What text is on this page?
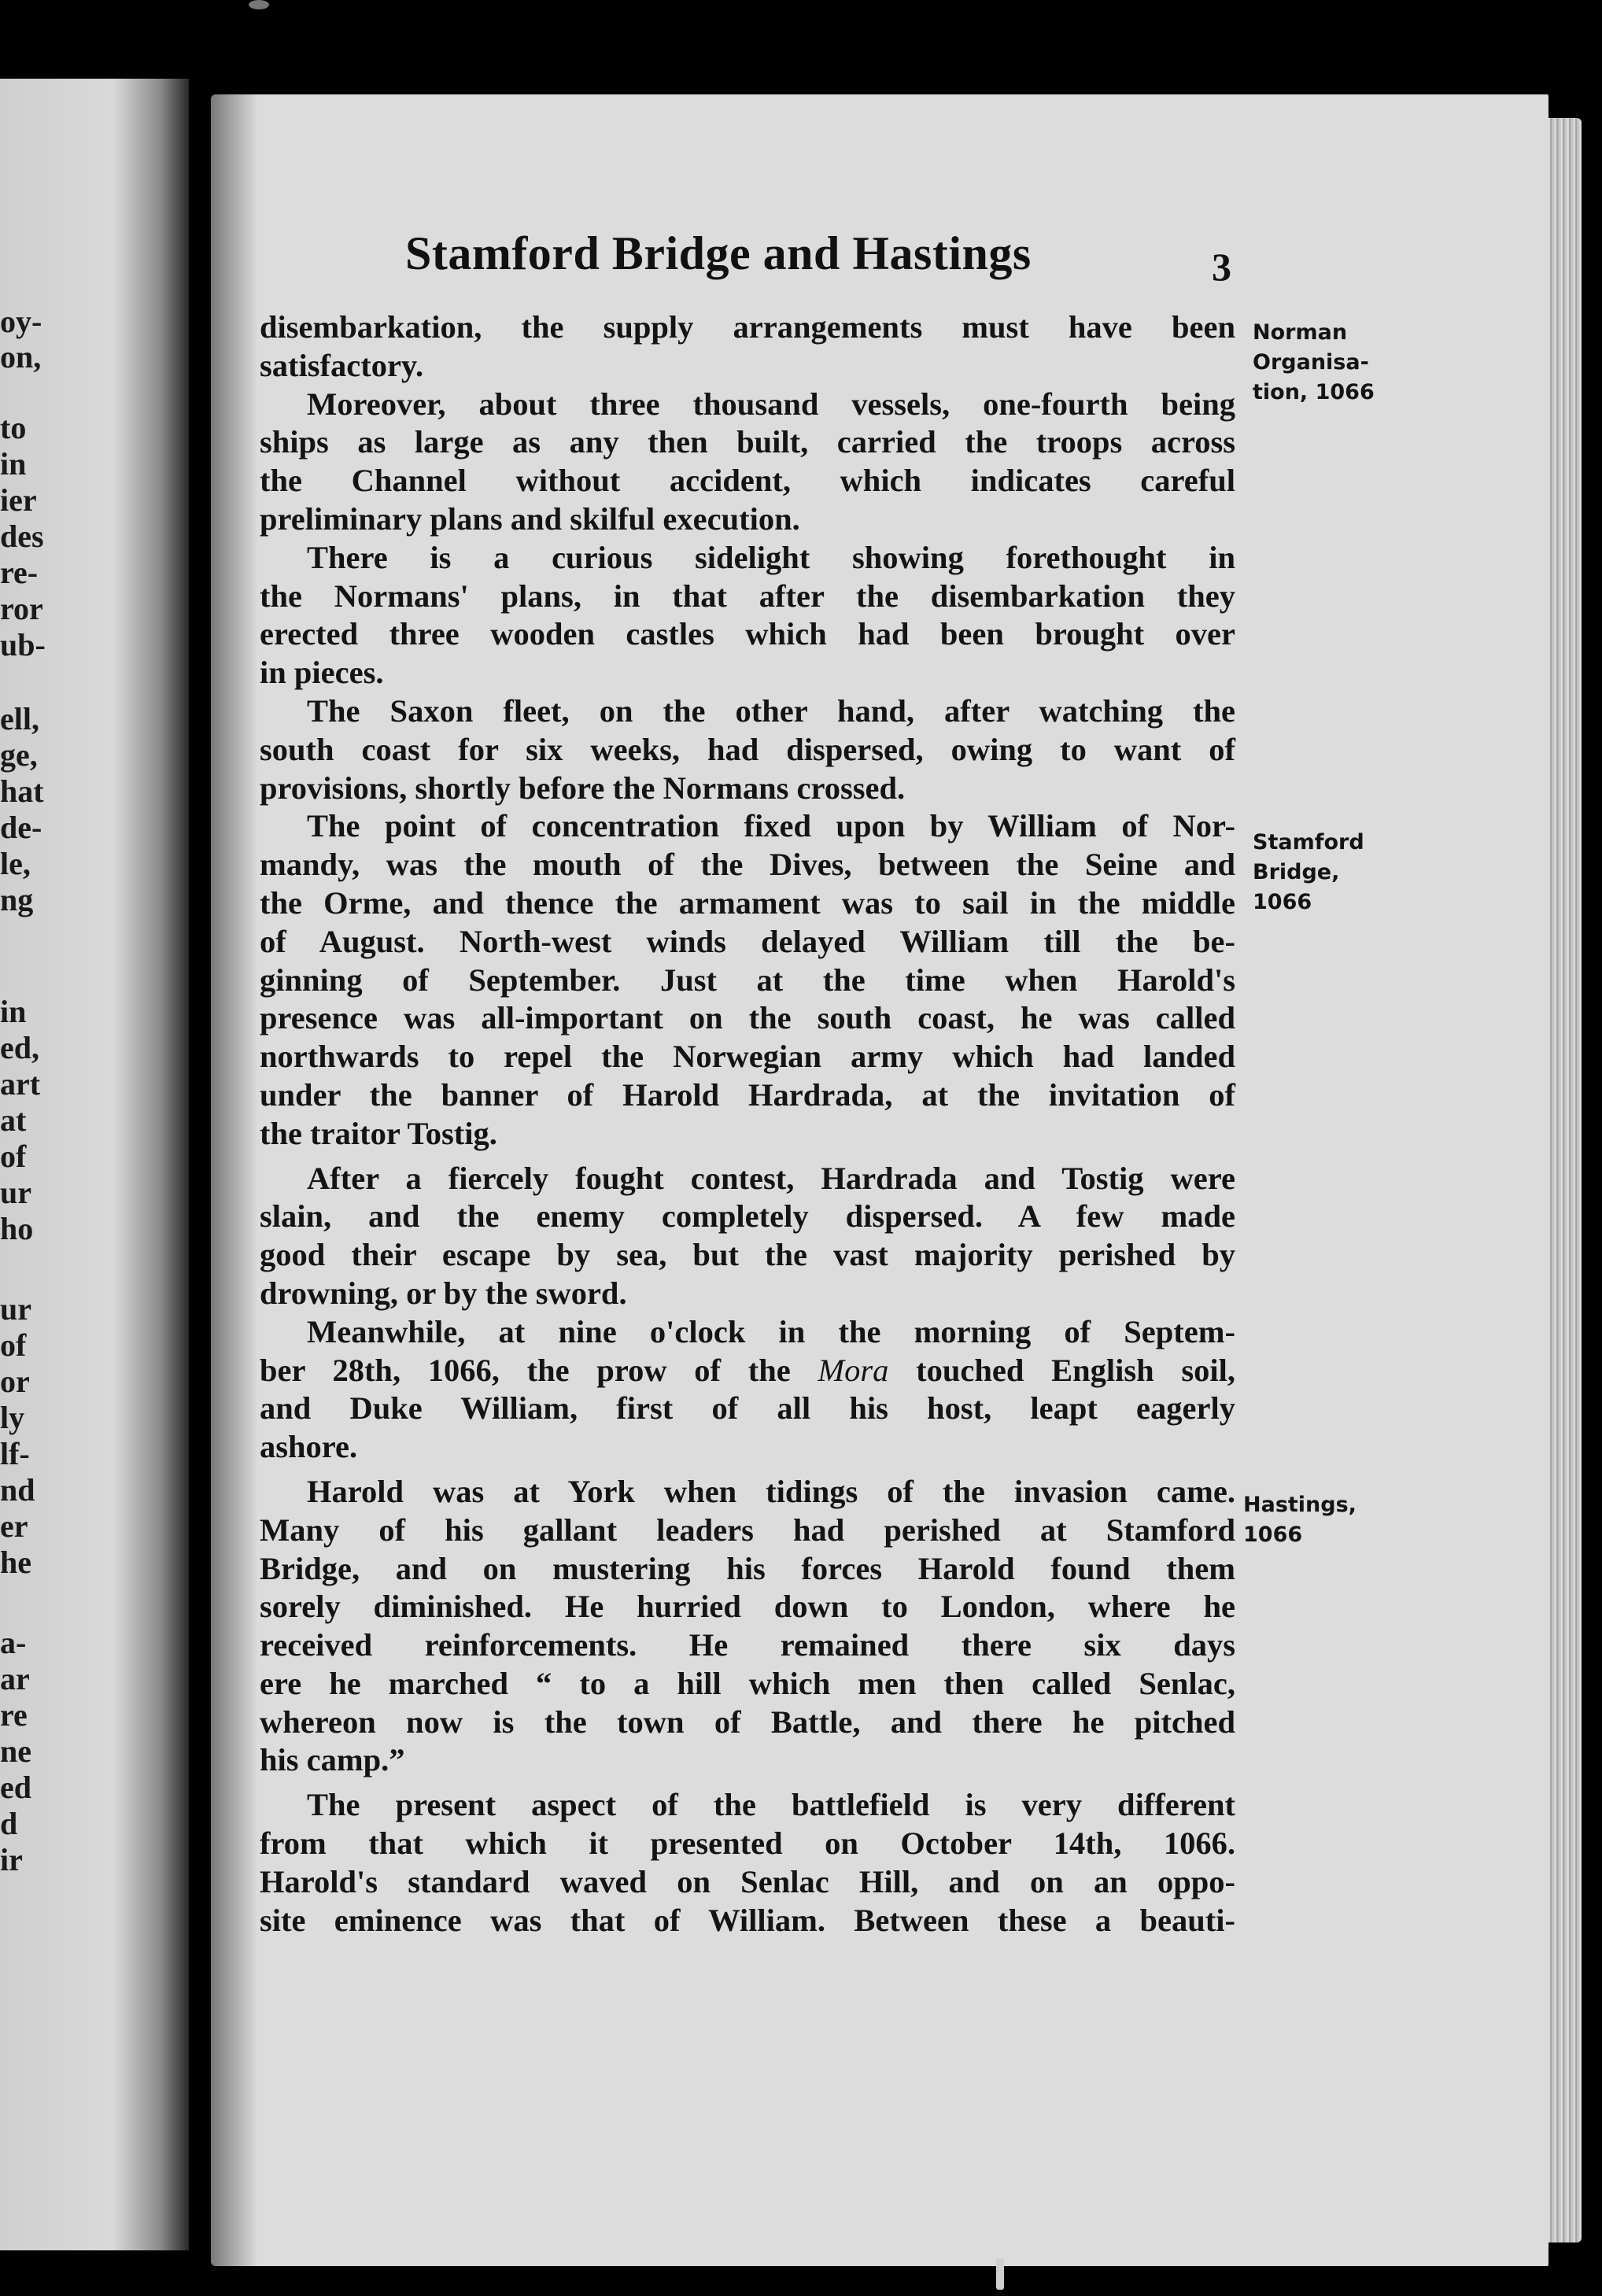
oy-
on,
to
in
ier
des
re-
ror
ub-
ell,
ge,
hat
de-
le,
ng
in
ed,
art
at
of
ur
ho
ur
of
or
ly
lf-
nd
er
he
a-
ar
re
ne
ed
d
ir
Stamford Bridge and Hastings	3
disembarkation, the supply arrangements must have been
satisfactory.
Moreover, about three thousand vessels, one-fourth being
ships as large as any then built, carried the troops across
the Channel without accident, which indicates careful
preliminary plans and skilful execution.
There is a curious sidelight showing forethought in
the Normans' plans, in that after the disembarkation they
erected three wooden castles which had been brought over
in pieces.
The Saxon fleet, on the other hand, after watching the
south coast for six weeks, had dispersed, owing to want of
provisions, shortly before the Normans crossed.
The point of concentration fixed upon by William of Nor-
mandy, was the mouth of the Dives, between the Seine and
the Orme, and thence the armament was to sail in the middle
of August. North-west winds delayed William till the be-
ginning of September. Just at the time when Harold's
presence was all-important on the south coast, he was called
northwards to repel the Norwegian army which had landed
under the banner of Harold Hardrada, at the invitation of
the traitor Tostig.
After a fiercely fought contest, Hardrada and Tostig were
slain, and the enemy completely dispersed. A few made
good their escape by sea, but the vast majority perished by
drowning, or by the sword.
Meanwhile, at nine o'clock in the morning of Septem-
ber 28th, 1066, the prow of the Mora touched English soil,
and Duke William, first of all his host, leapt eagerly
ashore.
Harold was at York when tidings of the invasion came.
Many of his gallant leaders had perished at Stamford
Bridge, and on mustering his forces Harold found them
sorely diminished. He hurried down to London, where he
received reinforcements. He remained there six days
ere he marched “ to a hill which men then called Senlac,
whereon now is the town of Battle, and there he pitched
his camp.”
The present aspect of the battlefield is very different
from that which it presented on October 14th, 1066.
Harold's standard waved on Senlac Hill, and on an oppo-
site eminence was that of William. Between these a beauti-
Norman
Organisa-
tion, 1066
Stamford
Bridge,
1066
Hastings,
1066
